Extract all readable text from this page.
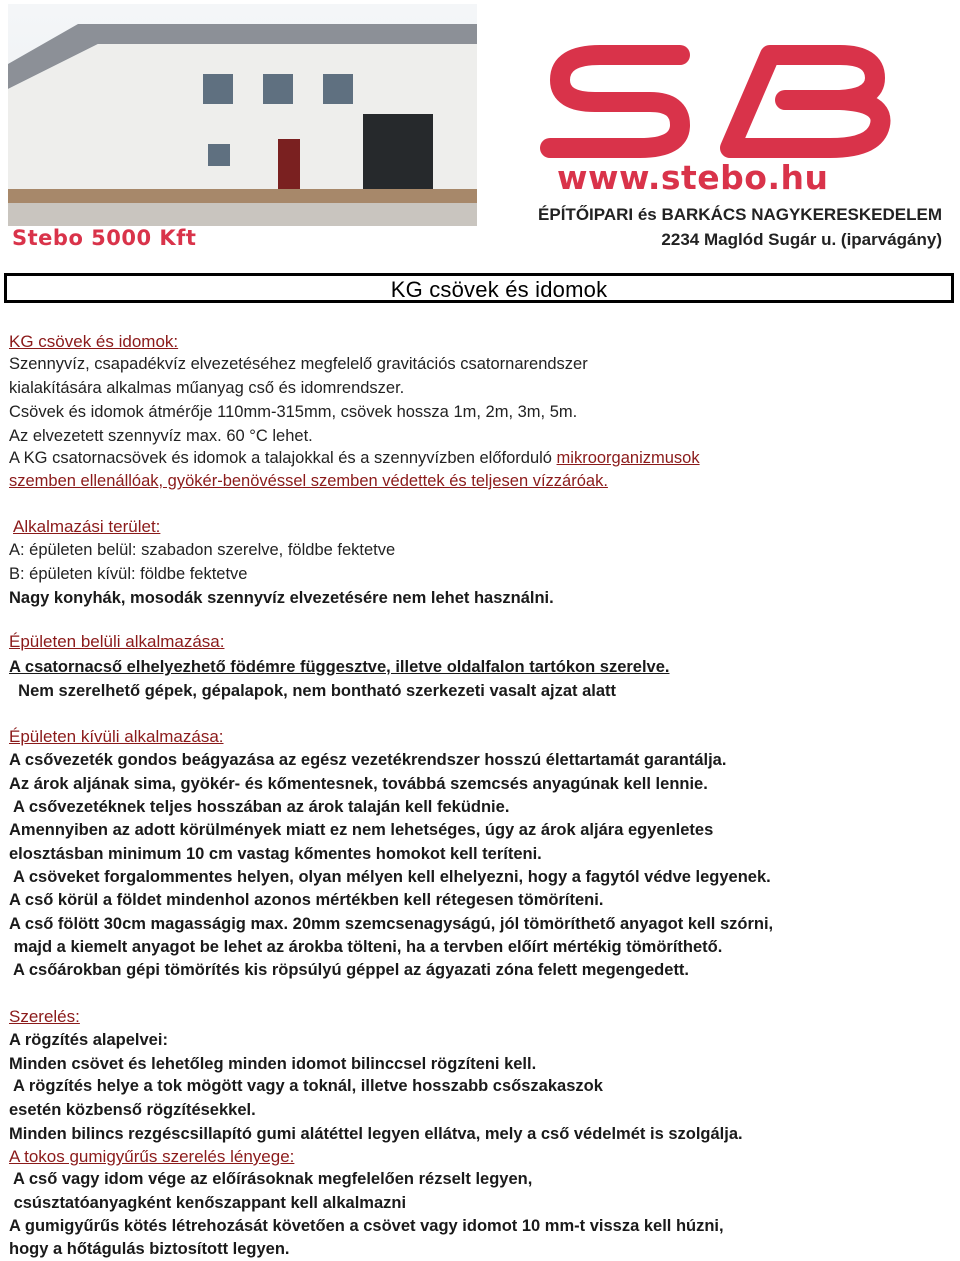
Stebo 5000 Kft
www.stebo.hu
ÉPÍTŐIPARI és BARKÁCS NAGYKERESKEDELEM
2234 Maglód Sugár u. (iparvágány)
KG csövek és idomok
KG csövek és idomok:
Szennyvíz, csapadékvíz elvezetéséhez megfelelő gravitációs csatornarendszer
kialakítására alkalmas műanyag cső és idomrendszer.
Csövek és idomok átmérője 110mm-315mm, csövek hossza 1m, 2m, 3m, 5m.
Az elvezetett szennyvíz max. 60 °C lehet.
A KG csatornacsövek és idomok a talajokkal és a szennyvízben előforduló mikroorganizmusok
szemben ellenállóak, gyökér-benövéssel szemben védettek és teljesen vízzáróak.
Alkalmazási terület:
A: épületen belül: szabadon szerelve, földbe fektetve
B: épületen kívül: földbe fektetve
Nagy konyhák, mosodák szennyvíz elvezetésére nem lehet használni.
Épületen belüli alkalmazása:
A csatornacső elhelyezhető födémre függesztve, illetve oldalfalon tartókon szerelve.
Nem szerelhető gépek, gépalapok, nem bontható szerkezeti vasalt ajzat alatt
Épületen kívüli alkalmazása:
A csővezeték gondos beágyazása az egész vezetékrendszer hosszú élettartamát garantálja.
Az árok aljának sima, gyökér- és kőmentesnek, továbbá szemcsés anyagúnak kell lennie.
A csővezetéknek teljes hosszában az árok talaján kell feküdnie.
Amennyiben az adott körülmények miatt ez nem lehetséges, úgy az árok aljára egyenletes
elosztásban minimum 10 cm vastag kőmentes homokot kell teríteni.
A csöveket forgalommentes helyen, olyan mélyen kell elhelyezni, hogy a fagytól védve legyenek.
A cső körül a földet mindenhol azonos mértékben kell rétegesen tömöríteni.
A cső fölött 30cm magasságig max. 20mm szemcsenagyságú, jól tömöríthető anyagot kell szórni,
majd a kiemelt anyagot be lehet az árokba tölteni, ha a tervben előírt mértékig tömöríthető.
A csőárokban gépi tömörítés kis röpsúlyú géppel az ágyazati zóna felett megengedett.
Szerelés:
A rögzítés alapelvei:
Minden csövet és lehetőleg minden idomot bilinccsel rögzíteni kell.
A rögzítés helye a tok mögött vagy a toknál, illetve hosszabb csőszakaszok
esetén közbenső rögzítésekkel.
Minden bilincs rezgéscsillapító gumi alátéttel legyen ellátva, mely a cső védelmét is szolgálja.
A tokos gumigyűrűs szerelés lényege:
A cső vagy idom vége az előírásoknak megfelelően rézselt legyen,
csúsztatóanyagként kenőszappant kell alkalmazni
A gumigyűrűs kötés létrehozását követően a csövet vagy idomot 10 mm-t vissza kell húzni,
hogy a hőtágulás biztosított legyen.
